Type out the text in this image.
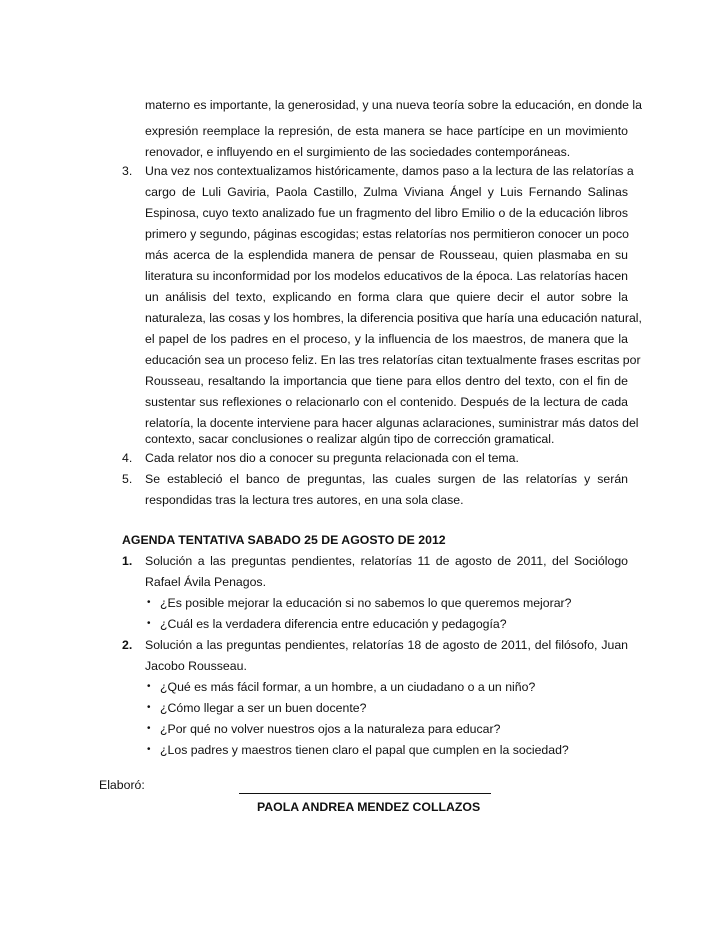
materno es importante, la generosidad, y una nueva teoría sobre la educación, en donde la
expresión reemplace la represión, de esta manera se hace partícipe en un movimiento
renovador, e influyendo en el surgimiento de las sociedades contemporáneas.
3. Una vez nos contextualizamos históricamente, damos paso a la lectura de las relatorías a
cargo de Luli Gaviria, Paola Castillo, Zulma Viviana Ángel y Luis Fernando Salinas
Espinosa, cuyo texto analizado fue un fragmento del libro Emilio o de la educación libros
primero y segundo, páginas escogidas; estas relatorías nos permitieron conocer un poco
más acerca de la esplendida manera de pensar de Rousseau, quien plasmaba en su
literatura su inconformidad por los modelos educativos de la época. Las relatorías hacen
un análisis del texto, explicando en forma clara que quiere decir el autor sobre la
naturaleza, las cosas y los hombres, la diferencia positiva que haría una educación natural,
el papel de los padres en el proceso, y la influencia de los maestros, de manera que la
educación sea un proceso feliz. En las tres relatorías citan textualmente frases escritas por
Rousseau, resaltando la importancia que tiene para ellos dentro del texto, con el fin de
sustentar sus reflexiones o relacionarlo con el contenido. Después de la lectura de cada
relatoría, la docente interviene para hacer algunas aclaraciones, suministrar más datos del
contexto, sacar conclusiones o realizar algún tipo de corrección gramatical.
4. Cada relator nos dio a conocer su pregunta relacionada con el tema.
5. Se estableció el banco de preguntas, las cuales surgen de las relatorías y serán
respondidas tras la lectura tres autores, en una sola clase.
AGENDA TENTATIVA SABADO 25 DE AGOSTO DE 2012
1. Solución a las preguntas pendientes, relatorías 11 de agosto de 2011, del Sociólogo
Rafael Ávila Penagos.
• ¿Es posible mejorar la educación si no sabemos lo que queremos mejorar?
• ¿Cuál es la verdadera diferencia entre educación y pedagogía?
2. Solución a las preguntas pendientes, relatorías 18 de agosto de 2011, del filósofo, Juan
Jacobo Rousseau.
• ¿Qué es más fácil formar, a un hombre, a un ciudadano o a un niño?
• ¿Cómo llegar a ser un buen docente?
• ¿Por qué no volver nuestros ojos a la naturaleza para educar?
• ¿Los padres y maestros tienen claro el papal que cumplen en la sociedad?
Elaboró:
PAOLA ANDREA MENDEZ COLLAZOS
